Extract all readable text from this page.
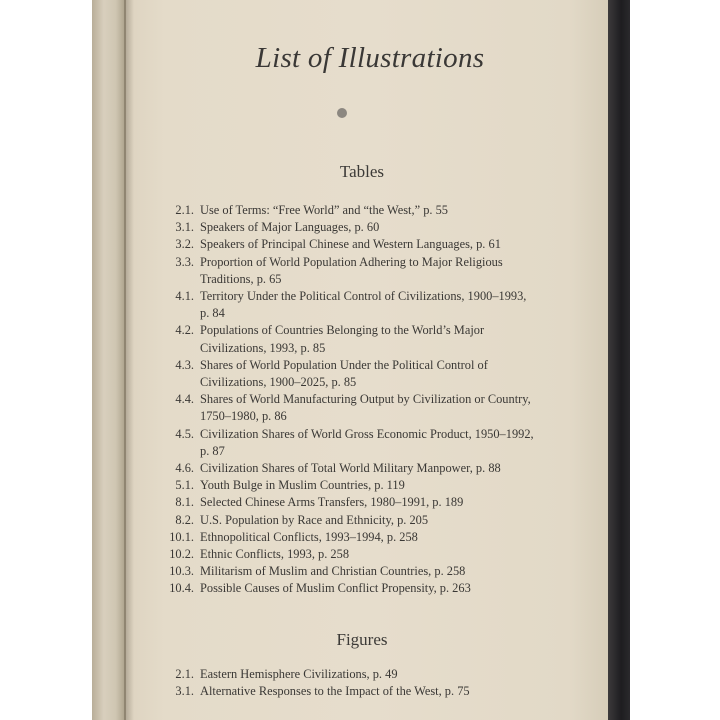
List of Illustrations
Tables
2.1. Use of Terms: “Free World” and “the West,” p. 55
3.1. Speakers of Major Languages, p. 60
3.2. Speakers of Principal Chinese and Western Languages, p. 61
3.3. Proportion of World Population Adhering to Major Religious
Traditions, p. 65
4.1. Territory Under the Political Control of Civilizations, 1900–1993,
p. 84
4.2. Populations of Countries Belonging to the World’s Major
Civilizations, 1993, p. 85
4.3. Shares of World Population Under the Political Control of
Civilizations, 1900–2025, p. 85
4.4. Shares of World Manufacturing Output by Civilization or Country,
1750–1980, p. 86
4.5. Civilization Shares of World Gross Economic Product, 1950–1992,
p. 87
4.6. Civilization Shares of Total World Military Manpower, p. 88
5.1. Youth Bulge in Muslim Countries, p. 119
8.1. Selected Chinese Arms Transfers, 1980–1991, p. 189
8.2. U.S. Population by Race and Ethnicity, p. 205
10.1. Ethnopolitical Conflicts, 1993–1994, p. 258
10.2. Ethnic Conflicts, 1993, p. 258
10.3. Militarism of Muslim and Christian Countries, p. 258
10.4. Possible Causes of Muslim Conflict Propensity, p. 263
Figures
2.1. Eastern Hemisphere Civilizations, p. 49
3.1. Alternative Responses to the Impact of the West, p. 75
